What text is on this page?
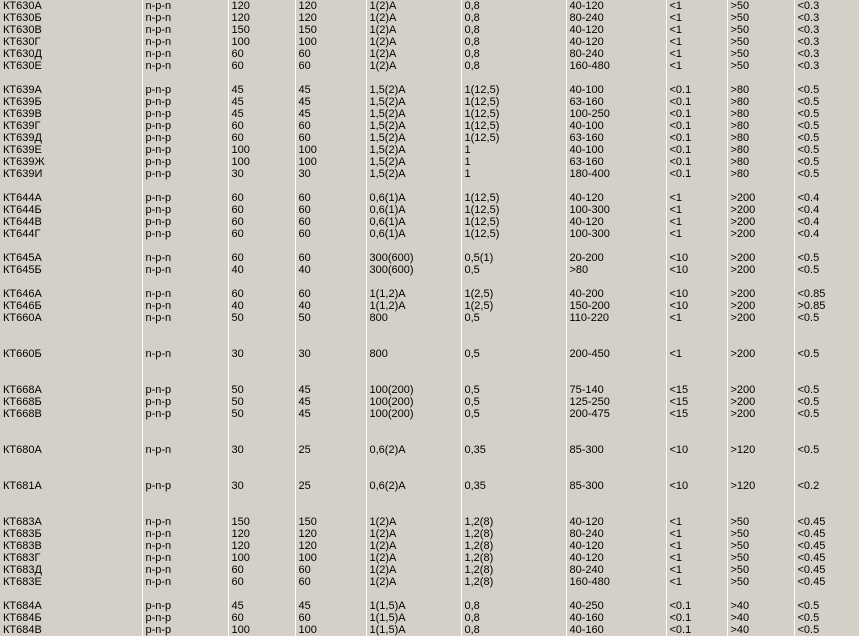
КТ630А	n-p-n	120	120	1(2)А	0,8	40-120	<1	>50	<0.3
КТ630Б	n-p-n	120	120	1(2)А	0,8	80-240	<1	>50	<0.3
КТ630В	n-p-n	150	150	1(2)А	0,8	40-120	<1	>50	<0.3
КТ630Г	n-p-n	100	100	1(2)А	0,8	40-120	<1	>50	<0.3
КТ630Д	n-p-n	60	60	1(2)А	0,8	80-240	<1	>50	<0.3
КТ630Е	n-p-n	60	60	1(2)А	0,8	160-480	<1	>50	<0.3

КТ639А	p-n-p	45	45	1,5(2)А	1(12,5)	40-100	<0.1	>80	<0.5
КТ639Б	p-n-p	45	45	1,5(2)А	1(12,5)	63-160	<0.1	>80	<0.5
КТ639В	p-n-p	45	45	1,5(2)А	1(12,5)	100-250	<0.1	>80	<0.5
КТ639Г	p-n-p	60	60	1,5(2)А	1(12,5)	40-100	<0.1	>80	<0.5
КТ639Д	p-n-p	60	60	1,5(2)А	1(12,5)	63-160	<0.1	>80	<0.5
КТ639Е	p-n-p	100	100	1,5(2)А	1	40-100	<0.1	>80	<0.5
КТ639Ж	p-n-p	100	100	1,5(2)А	1	63-160	<0.1	>80	<0.5
КТ639И	p-n-p	30	30	1,5(2)А	1	180-400	<0.1	>80	<0.5

КТ644А	p-n-p	60	60	0,6(1)А	1(12,5)	40-120	<1	>200	<0.4
КТ644Б	p-n-p	60	60	0,6(1)А	1(12,5)	100-300	<1	>200	<0.4
КТ644В	p-n-p	60	60	0,6(1)А	1(12,5)	40-120	<1	>200	<0.4
КТ644Г	p-n-p	60	60	0,6(1)А	1(12,5)	100-300	<1	>200	<0.4

КТ645А	n-p-n	60	60	300(600)	0,5(1)	20-200	<10	>200	<0.5
КТ645Б	n-p-n	40	40	300(600)	0,5	>80	<10	>200	<0.5

КТ646А	n-p-n	60	60	1(1,2)А	1(2,5)	40-200	<10	>200	<0.85
КТ646Б	n-p-n	40	40	1(1,2)А	1(2,5)	150-200	<10	>200	>0.85
КТ660А	n-p-n	50	50	800	0,5	110-220	<1	>200	<0.5

КТ660Б	n-p-n	30	30	800	0,5	200-450	<1	>200	<0.5

КТ668А	p-n-p	50	45	100(200)	0,5	75-140	<15	>200	<0.5
КТ668Б	p-n-p	50	45	100(200)	0,5	125-250	<15	>200	<0.5
КТ668В	p-n-p	50	45	100(200)	0,5	200-475	<15	>200	<0.5

КТ680А	n-p-n	30	25	0,6(2)А	0,35	85-300	<10	>120	<0.5

КТ681А	p-n-p	30	25	0,6(2)А	0,35	85-300	<10	>120	<0.2

КТ683А	n-p-n	150	150	1(2)А	1,2(8)	40-120	<1	>50	<0.45
КТ683Б	n-p-n	120	120	1(2)А	1,2(8)	80-240	<1	>50	<0.45
КТ683В	n-p-n	120	120	1(2)А	1,2(8)	40-120	<1	>50	<0.45
КТ683Г	n-p-n	100	100	1(2)А	1,2(8)	40-120	<1	>50	<0.45
КТ683Д	n-p-n	60	60	1(2)А	1,2(8)	80-240	<1	>50	<0.45
КТ683Е	n-p-n	60	60	1(2)А	1,2(8)	160-480	<1	>50	<0.45

КТ684А	p-n-p	45	45	1(1,5)А	0,8	40-250	<0.1	>40	<0.5
КТ684Б	p-n-p	60	60	1(1,5)А	0,8	40-160	<0.1	>40	<0.5
КТ684В	p-n-p	100	100	1(1,5)А	0,8	40-160	<0.1	>40	<0.5
